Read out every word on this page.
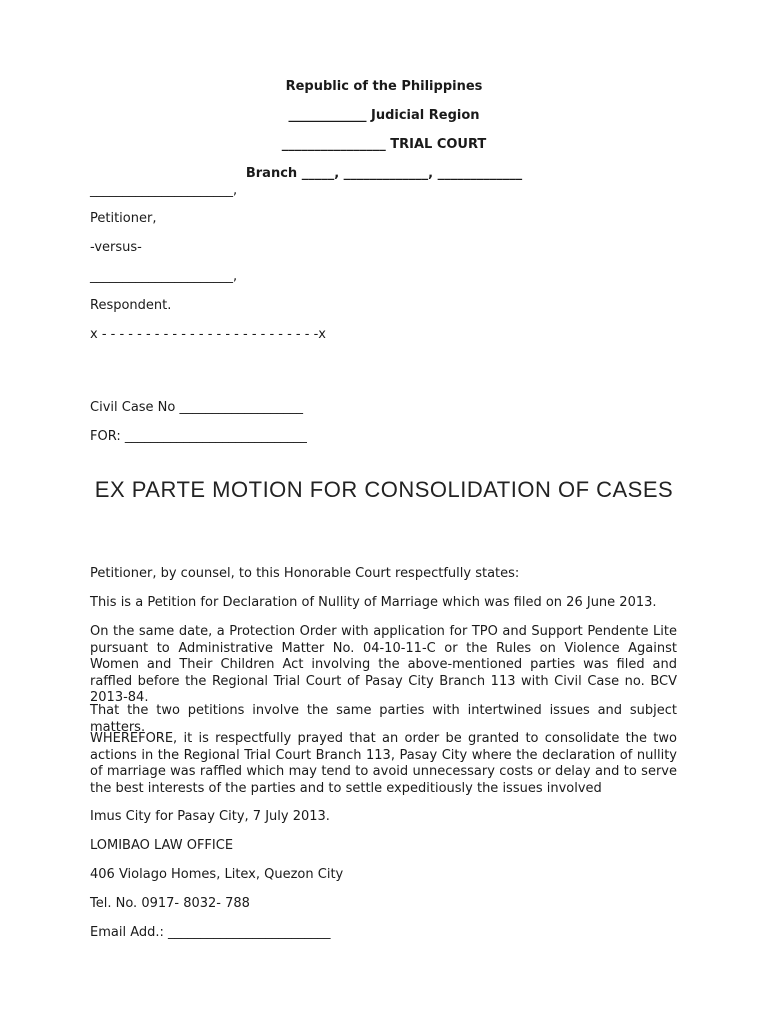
Republic of the Philippines
____________ Judicial Region
________________ TRIAL COURT
Branch _____, _____________, _____________
______________________,
Petitioner,
-versus-
______________________,
Respondent.
x - - - - - - - - - - - - - - - - - - - - - - - - -x
Civil Case No ___________________
FOR: ____________________________
EX PARTE MOTION FOR CONSOLIDATION OF CASES
Petitioner, by counsel, to this Honorable Court respectfully states:
This is a Petition for Declaration of Nullity of Marriage which was filed on 26 June 2013.
On the same date, a Protection Order with application for TPO and Support Pendente Lite pursuant to Administrative Matter No. 04-10-11-C or the Rules on Violence Against Women and Their Children Act involving the above-mentioned parties was filed and raffled before the Regional Trial Court of Pasay City Branch 113 with Civil Case no. BCV 2013-84.
That the two petitions involve the same parties with intertwined issues and subject matters.
WHEREFORE, it is respectfully prayed that an order be granted to consolidate the two actions in the Regional Trial Court Branch 113, Pasay City where the declaration of nullity of marriage was raffled which may tend to avoid unnecessary costs or delay and to serve the best interests of the parties and to settle expeditiously the issues involved
Imus City for Pasay City, 7 July 2013.
LOMIBAO LAW OFFICE
406 Violago Homes, Litex, Quezon City
Tel. No. 0917- 8032- 788
Email Add.: _________________________
